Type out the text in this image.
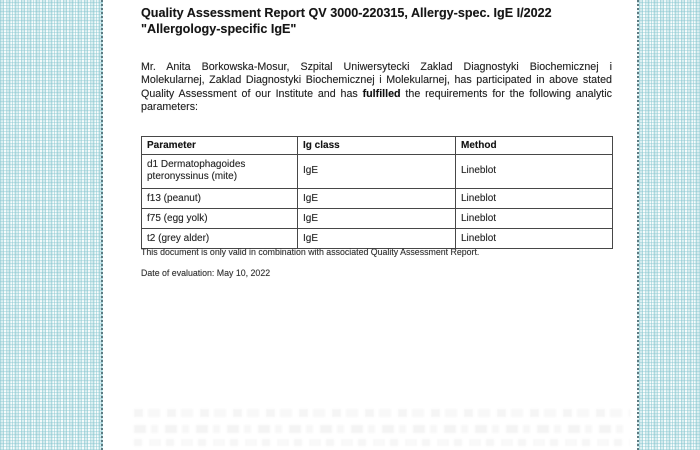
Quality Assessment Report QV 3000-220315, Allergy-spec. IgE I/2022
"Allergology-specific IgE"

Mr. Anita Borkowska-Mosur, Szpital Uniwersytecki Zaklad Diagnostyki Biochemicznej i Molekularnej, Zaklad Diagnostyki Biochemicznej i Molekularnej, has participated in above stated Quality Assessment of our Institute and has fulfilled the requirements for the following analytic parameters:

Parameter	Ig class	Method
d1 Dermatophagoides pteronyssinus (mite)	IgE	Lineblot
f13 (peanut)	IgE	Lineblot
f75 (egg yolk)	IgE	Lineblot
t2 (grey alder)	IgE	Lineblot
This document is only valid in combination with associated Quality Assessment Report.
Date of evaluation: May 10, 2022
